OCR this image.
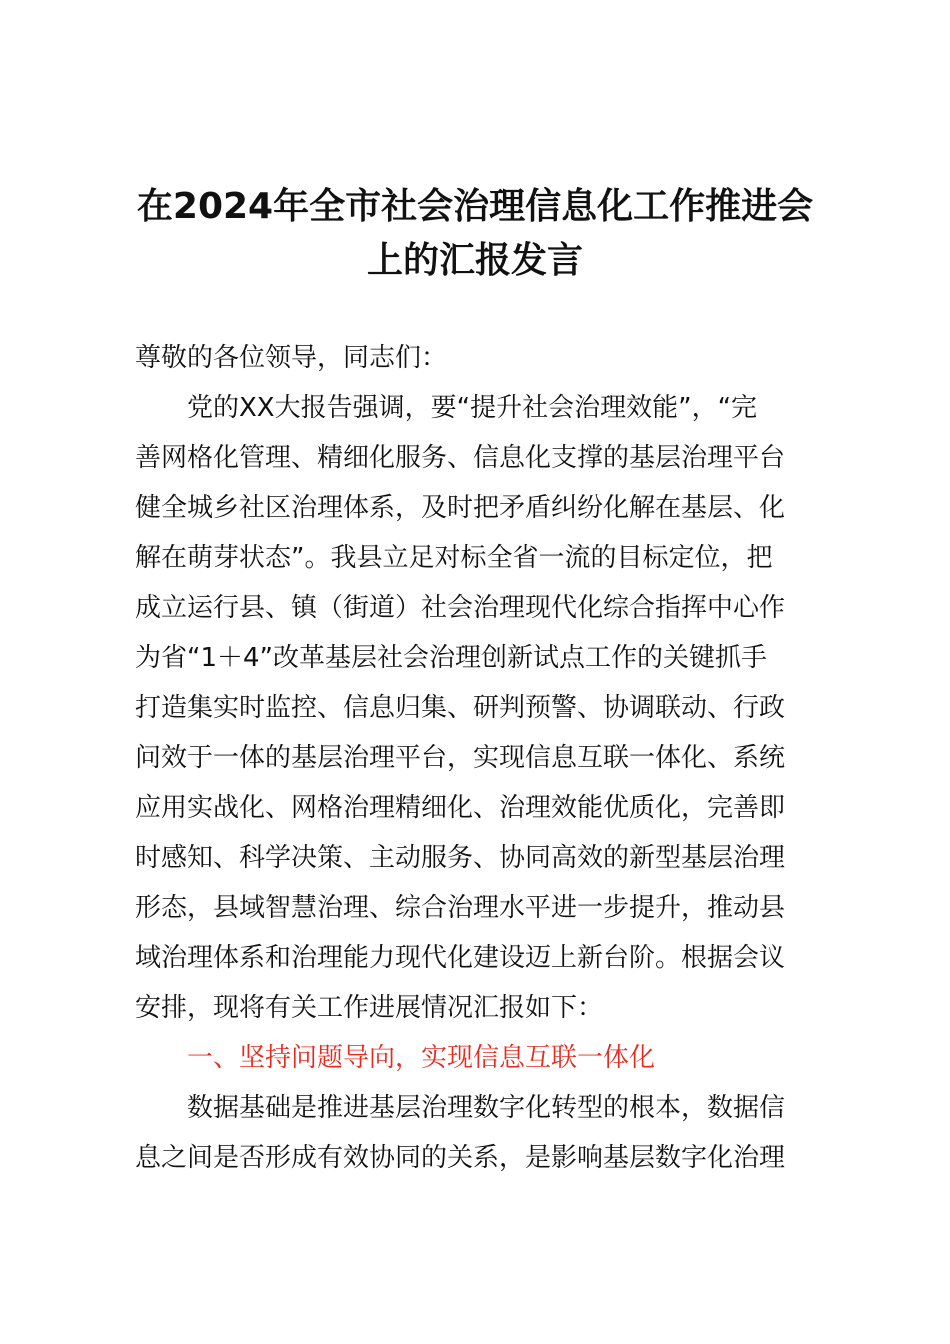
在2024年全市社会治理信息化工作推进会
上的汇报发言
尊敬的各位领导，同志们：
　　党的XX大报告强调，要“提升社会治理效能”，“完
善网格化管理、精细化服务、信息化支撑的基层治理平台
健全城乡社区治理体系，及时把矛盾纠纷化解在基层、化
解在萌芽状态”。我县立足对标全省一流的目标定位，把
成立运行县、镇（街道）社会治理现代化综合指挥中心作
为省“1＋4”改革基层社会治理创新试点工作的关键抓手
打造集实时监控、信息归集、研判预警、协调联动、行政
问效于一体的基层治理平台，实现信息互联一体化、系统
应用实战化、网格治理精细化、治理效能优质化，完善即
时感知、科学决策、主动服务、协同高效的新型基层治理
形态，县域智慧治理、综合治理水平进一步提升，推动县
域治理体系和治理能力现代化建设迈上新台阶。根据会议
安排，现将有关工作进展情况汇报如下：
　　一、坚持问题导向，实现信息互联一体化
　　数据基础是推进基层治理数字化转型的根本，数据信
息之间是否形成有效协同的关系，是影响基层数字化治理
